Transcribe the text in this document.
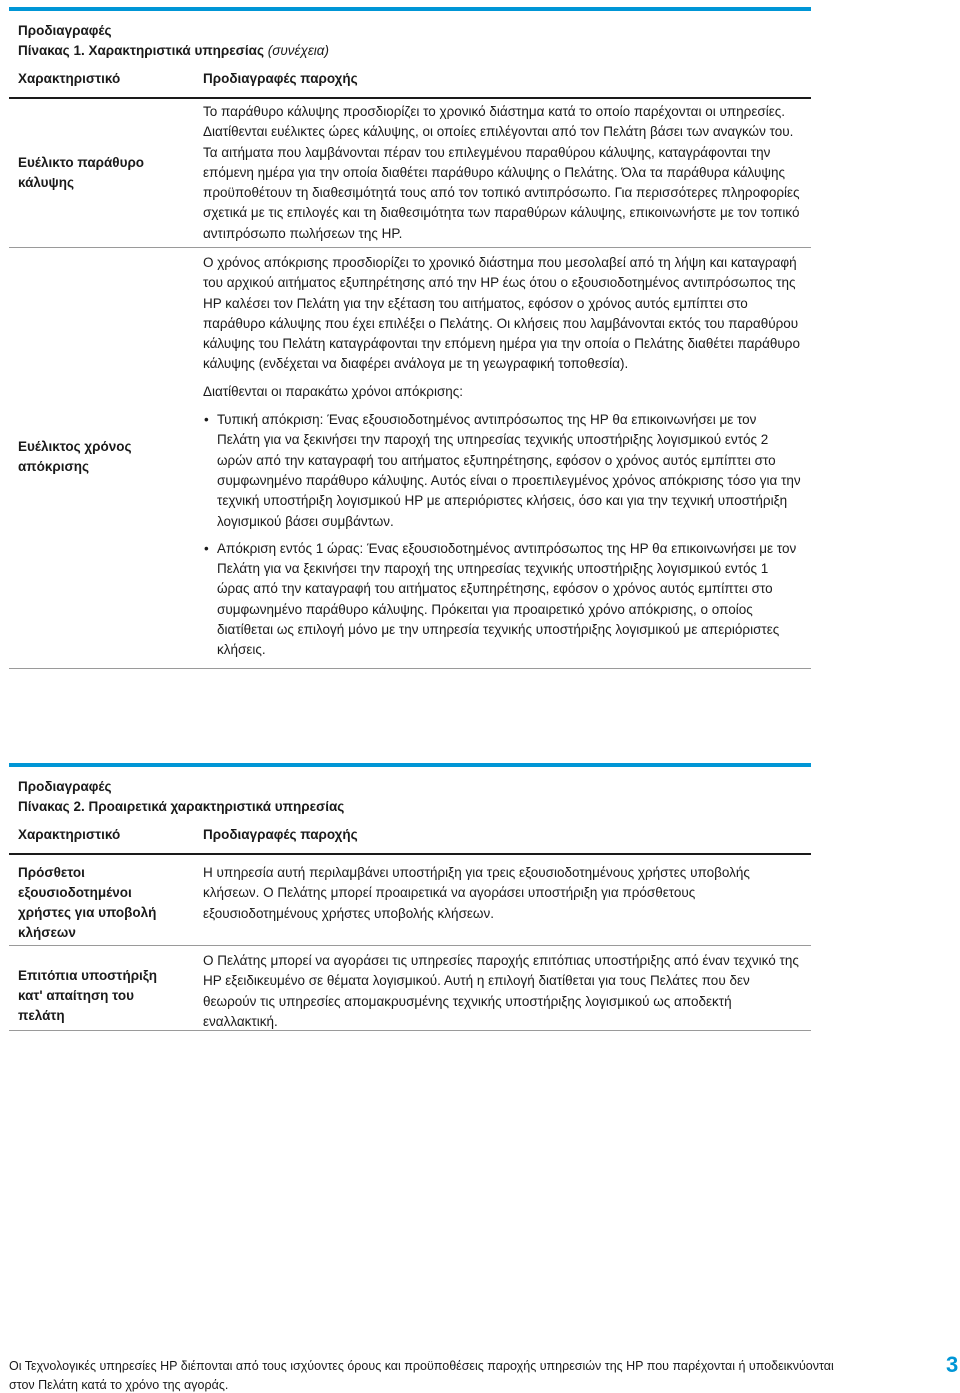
Προδιαγραφές
Πίνακας 1. Χαρακτηριστικά υπηρεσίας (συνέχεια)
Χαρακτηριστικό	Προδιαγραφές παροχής
Ευέλικτο παράθυρο κάλυψης
Το παράθυρο κάλυψης προσδιορίζει το χρονικό διάστημα κατά το οποίο παρέχονται οι υπηρεσίες. Διατίθενται ευέλικτες ώρες κάλυψης, οι οποίες επιλέγονται από τον Πελάτη βάσει των αναγκών του. Τα αιτήματα που λαμβάνονται πέραν του επιλεγμένου παραθύρου κάλυψης, καταγράφονται την επόμενη ημέρα για την οποία διαθέτει παράθυρο κάλυψης ο Πελάτης. Όλα τα παράθυρα κάλυψης προϋποθέτουν τη διαθεσιμότητά τους από τον τοπικό αντιπρόσωπο. Για περισσότερες πληροφορίες σχετικά με τις επιλογές και τη διαθεσιμότητα των παραθύρων κάλυψης, επικοινωνήστε με τον τοπικό αντιπρόσωπο πωλήσεων της HP.
Ευέλικτος χρόνος απόκρισης

Ο χρόνος απόκρισης προσδιορίζει το χρονικό διάστημα που μεσολαβεί από τη λήψη και καταγραφή του αρχικού αιτήματος εξυπηρέτησης από την HP έως ότου ο εξουσιοδοτημένος αντιπρόσωπος της HP καλέσει τον Πελάτη για την εξέταση του αιτήματος, εφόσον ο χρόνος αυτός εμπίπτει στο παράθυρο κάλυψης που έχει επιλέξει ο Πελάτης. Οι κλήσεις που λαμβάνονται εκτός του παραθύρου κάλυψης του Πελάτη καταγράφονται την επόμενη ημέρα για την οποία ο Πελάτης διαθέτει παράθυρο κάλυψης (ενδέχεται να διαφέρει ανάλογα με τη γεωγραφική τοποθεσία).

Διατίθενται οι παρακάτω χρόνοι απόκρισης:

• Τυπική απόκριση: Ένας εξουσιοδοτημένος αντιπρόσωπος της HP θα επικοινωνήσει με τον Πελάτη για να ξεκινήσει την παροχή της υπηρεσίας τεχνικής υποστήριξης λογισμικού εντός 2 ωρών από την καταγραφή του αιτήματος εξυπηρέτησης, εφόσον ο χρόνος αυτός εμπίπτει στο συμφωνημένο παράθυρο κάλυψης. Αυτός είναι ο προεπιλεγμένος χρόνος απόκρισης τόσο για την τεχνική υποστήριξη λογισμικού HP με απεριόριστες κλήσεις, όσο και για την τεχνική υποστήριξη λογισμικού βάσει συμβάντων.
• Απόκριση εντός 1 ώρας: Ένας εξουσιοδοτημένος αντιπρόσωπος της HP θα επικοινωνήσει με τον Πελάτη για να ξεκινήσει την παροχή της υπηρεσίας τεχνικής υποστήριξης λογισμικού εντός 1 ώρας από την καταγραφή του αιτήματος εξυπηρέτησης, εφόσον ο χρόνος αυτός εμπίπτει στο συμφωνημένο παράθυρο κάλυψης. Πρόκειται για προαιρετικό χρόνο απόκρισης, ο οποίος διατίθεται ως επιλογή μόνο με την υπηρεσία τεχνικής υποστήριξης λογισμικού με απεριόριστες κλήσεις.
Προδιαγραφές
Πίνακας 2. Προαιρετικά χαρακτηριστικά υπηρεσίας
Χαρακτηριστικό	Προδιαγραφές παροχής
Πρόσθετοι εξουσιοδοτημένοι χρήστες για υποβολή κλήσεων
Η υπηρεσία αυτή περιλαμβάνει υποστήριξη για τρεις εξουσιοδοτημένους χρήστες υποβολής κλήσεων. Ο Πελάτης μπορεί προαιρετικά να αγοράσει υποστήριξη για πρόσθετους εξουσιοδοτημένους χρήστες υποβολής κλήσεων.
Επιτόπια υποστήριξη κατ' απαίτηση του πελάτη
Ο Πελάτης μπορεί να αγοράσει τις υπηρεσίες παροχής επιτόπιας υποστήριξης από έναν τεχνικό της HP εξειδικευμένο σε θέματα λογισμικού. Αυτή η επιλογή διατίθεται για τους Πελάτες που δεν θεωρούν τις υπηρεσίες απομακρυσμένης τεχνικής υποστήριξης λογισμικού ως αποδεκτή εναλλακτική.
Οι Τεχνολογικές υπηρεσίες HP διέπονται από τους ισχύοντες όρους και προϋποθέσεις παροχής υπηρεσιών της HP που παρέχονται ή υποδεικνύονται στον Πελάτη κατά το χρόνο της αγοράς.
3
